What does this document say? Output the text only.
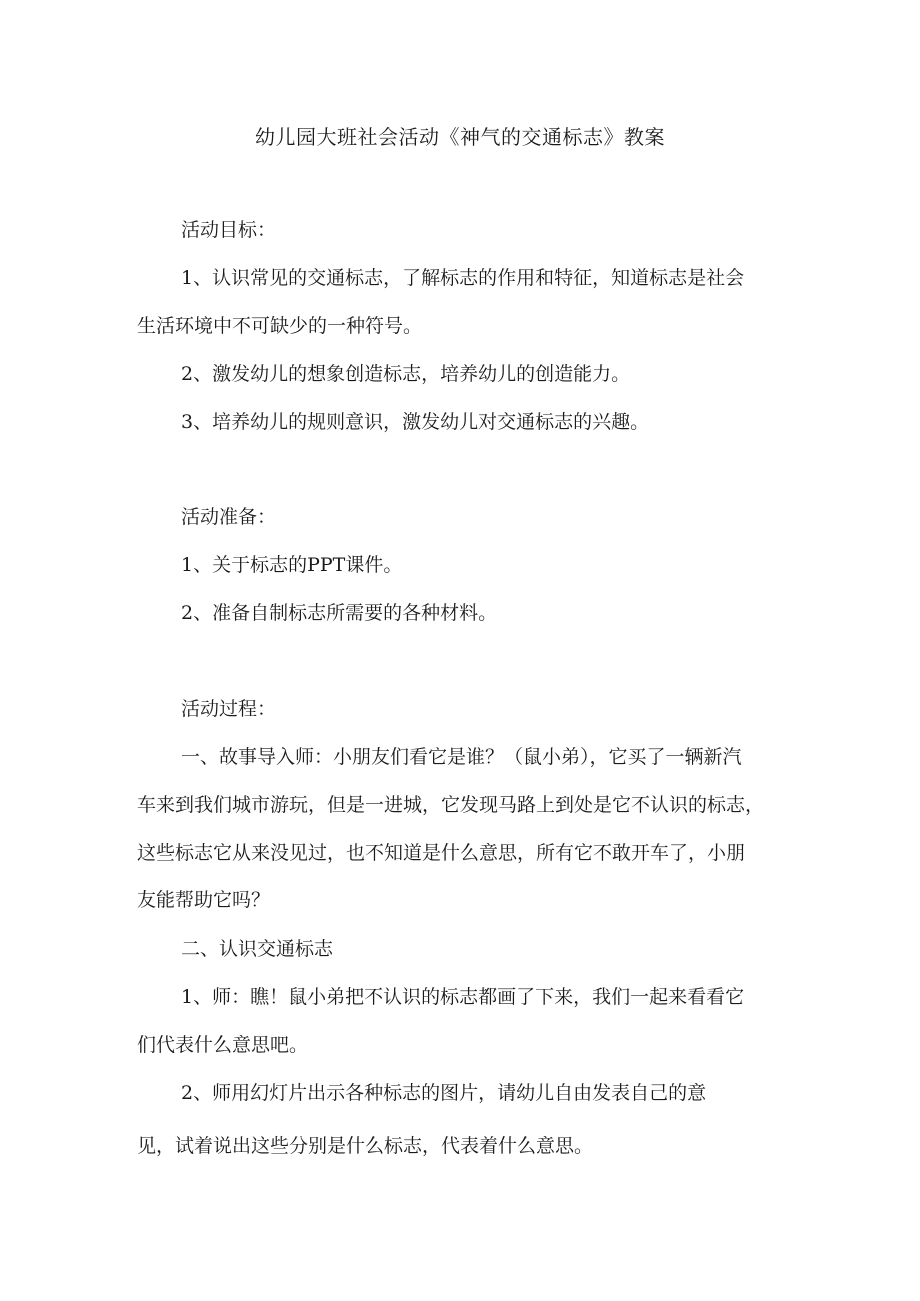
幼儿园大班社会活动《神气的交通标志》教案
活动目标：
1、认识常见的交通标志，了解标志的作用和特征，知道标志是社会
生活环境中不可缺少的一种符号。
2、激发幼儿的想象创造标志，培养幼儿的创造能力。
3、培养幼儿的规则意识，激发幼儿对交通标志的兴趣。
活动准备：
1、关于标志的PPT课件。
2、准备自制标志所需要的各种材料。
活动过程：
一、故事导入师：小朋友们看它是谁？（鼠小弟），它买了一辆新汽
车来到我们城市游玩，但是一进城，它发现马路上到处是它不认识的标志，
这些标志它从来没见过，也不知道是什么意思，所有它不敢开车了，小朋
友能帮助它吗？
二、认识交通标志
1、师：瞧！鼠小弟把不认识的标志都画了下来，我们一起来看看它
们代表什么意思吧。
2、师用幻灯片出示各种标志的图片，请幼儿自由发表自己的意
见，试着说出这些分别是什么标志，代表着什么意思。
